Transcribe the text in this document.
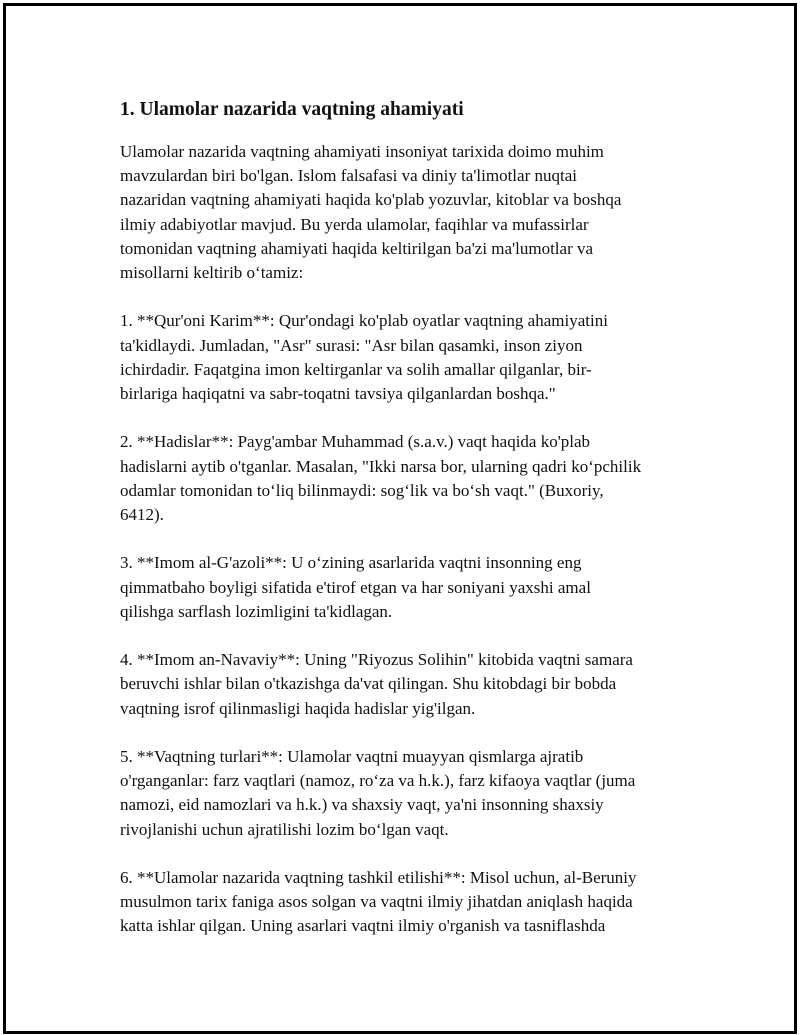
1. Ulamolar nazarida vaqtning ahamiyati
Ulamolar nazarida vaqtning ahamiyati insoniyat tarixida doimo muhim
mavzulardan biri bo'lgan. Islom falsafasi va diniy ta'limotlar nuqtai
nazaridan vaqtning ahamiyati haqida ko'plab yozuvlar, kitoblar va boshqa
ilmiy adabiyotlar mavjud. Bu yerda ulamolar, faqihlar va mufassirlar
tomonidan vaqtning ahamiyati haqida keltirilgan ba'zi ma'lumotlar va
misollarni keltirib o‘tamiz:
1. **Qur'oni Karim**: Qur'ondagi ko'plab oyatlar vaqtning ahamiyatini
ta'kidlaydi. Jumladan, "Asr" surasi: "Asr bilan qasamki, inson ziyon
ichirdadir. Faqatgina imon keltirganlar va solih amallar qilganlar, bir-
birlariga haqiqatni va sabr-toqatni tavsiya qilganlardan boshqa."
2. **Hadislar**: Payg'ambar Muhammad (s.a.v.) vaqt haqida ko'plab
hadislarni aytib o'tganlar. Masalan, "Ikki narsa bor, ularning qadri ko‘pchilik
odamlar tomonidan to‘liq bilinmaydi: sog‘lik va bo‘sh vaqt." (Buxoriy,
6412).
3. **Imom al-G'azoli**: U o‘zining asarlarida vaqtni insonning eng
qimmatbaho boyligi sifatida e'tirof etgan va har soniyani yaxshi amal
qilishga sarflash lozimligini ta'kidlagan.
4. **Imom an-Navaviy**: Uning "Riyozus Solihin" kitobida vaqtni samara
beruvchi ishlar bilan o'tkazishga da'vat qilingan. Shu kitobdagi bir bobda
vaqtning isrof qilinmasligi haqida hadislar yig'ilgan.
5. **Vaqtning turlari**: Ulamolar vaqtni muayyan qismlarga ajratib
o'rganganlar: farz vaqtlari (namoz, ro‘za va h.k.), farz kifaoya vaqtlar (juma
namozi, eid namozlari va h.k.) va shaxsiy vaqt, ya'ni insonning shaxsiy
rivojlanishi uchun ajratilishi lozim bo‘lgan vaqt.
6. **Ulamolar nazarida vaqtning tashkil etilishi**: Misol uchun, al-Beruniy
musulmon tarix faniga asos solgan va vaqtni ilmiy jihatdan aniqlash haqida
katta ishlar qilgan. Uning asarlari vaqtni ilmiy o'rganish va tasniflashda
